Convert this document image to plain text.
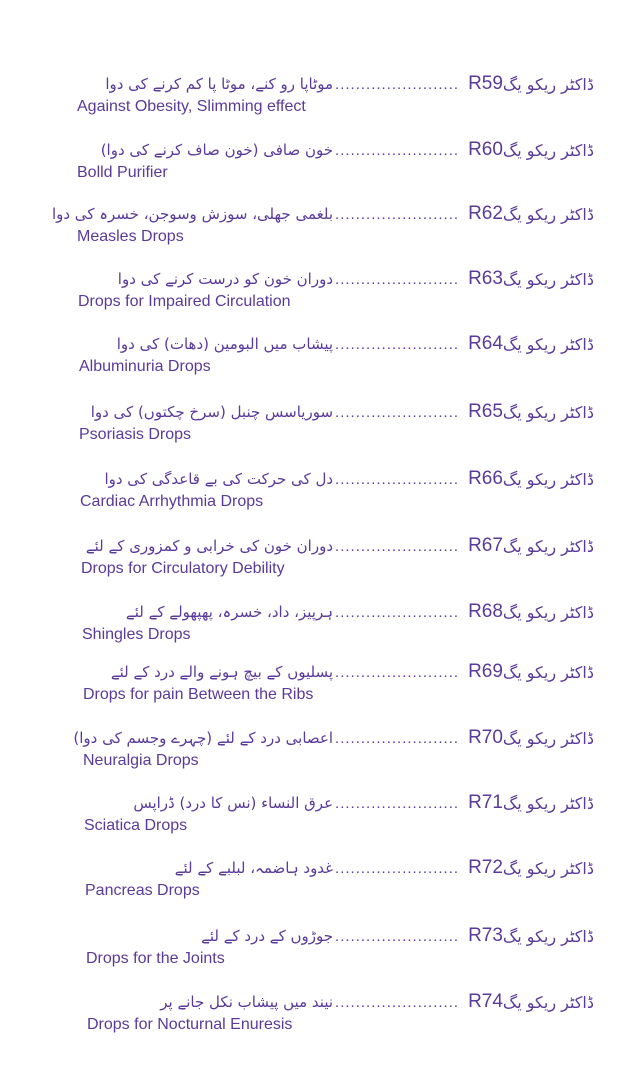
ڈاکٹر ریکو یگ
R59
........................
موٹاپا رو کنے، موٹا پا کم کرنے کی دوا
Against Obesity, Slimming effect
ڈاکٹر ریکو یگ
R60
........................
خون صافی (خون صاف کرنے کی دوا)
Bolld Purifier
ڈاکٹر ریکو یگ
R62
........................
بلغمی جھلی، سوزش وسوجن، خسرہ کی دوا
Measles Drops
ڈاکٹر ریکو یگ
R63
........................
دوران خون کو درست کرنے کی دوا
Drops for Impaired Circulation
ڈاکٹر ریکو یگ
R64
........................
پیشاب میں البومین (دھات) کی دوا
Albuminuria Drops
ڈاکٹر ریکو یگ
R65
........................
سوریاسس چنبل (سرخ چکتوں) کی دوا
Psoriasis Drops
ڈاکٹر ریکو یگ
R66
........................
دل کی حرکت کی بے قاعدگی کی دوا
Cardiac Arrhythmia Drops
ڈاکٹر ریکو یگ
R67
........................
دوران خون کی خرابی و کمزوری کے لئے
Drops for Circulatory Debility
ڈاکٹر ریکو یگ
R68
........................
ہرپیز، داد، خسرہ، پھپھولے کے لئے
Shingles Drops
ڈاکٹر ریکو یگ
R69
........................
پسلیوں کے بیچ ہونے والے درد کے لئے
Drops for pain Between the Ribs
ڈاکٹر ریکو یگ
R70
........................
اعصابی درد کے لئے (چہرے وجسم کی دوا)
Neuralgia Drops
ڈاکٹر ریکو یگ
R71
........................
عرق النساء (نس کا درد) ڈراپس
Sciatica Drops
ڈاکٹر ریکو یگ
R72
........................
غدود ہاضمہ، لبلبے کے لئے
Pancreas Drops
ڈاکٹر ریکو یگ
R73
........................
جوڑوں کے درد کے لئے
Drops for the Joints
ڈاکٹر ریکو یگ
R74
........................
نیند میں پیشاب نکل جانے پر
Drops for Nocturnal Enuresis
